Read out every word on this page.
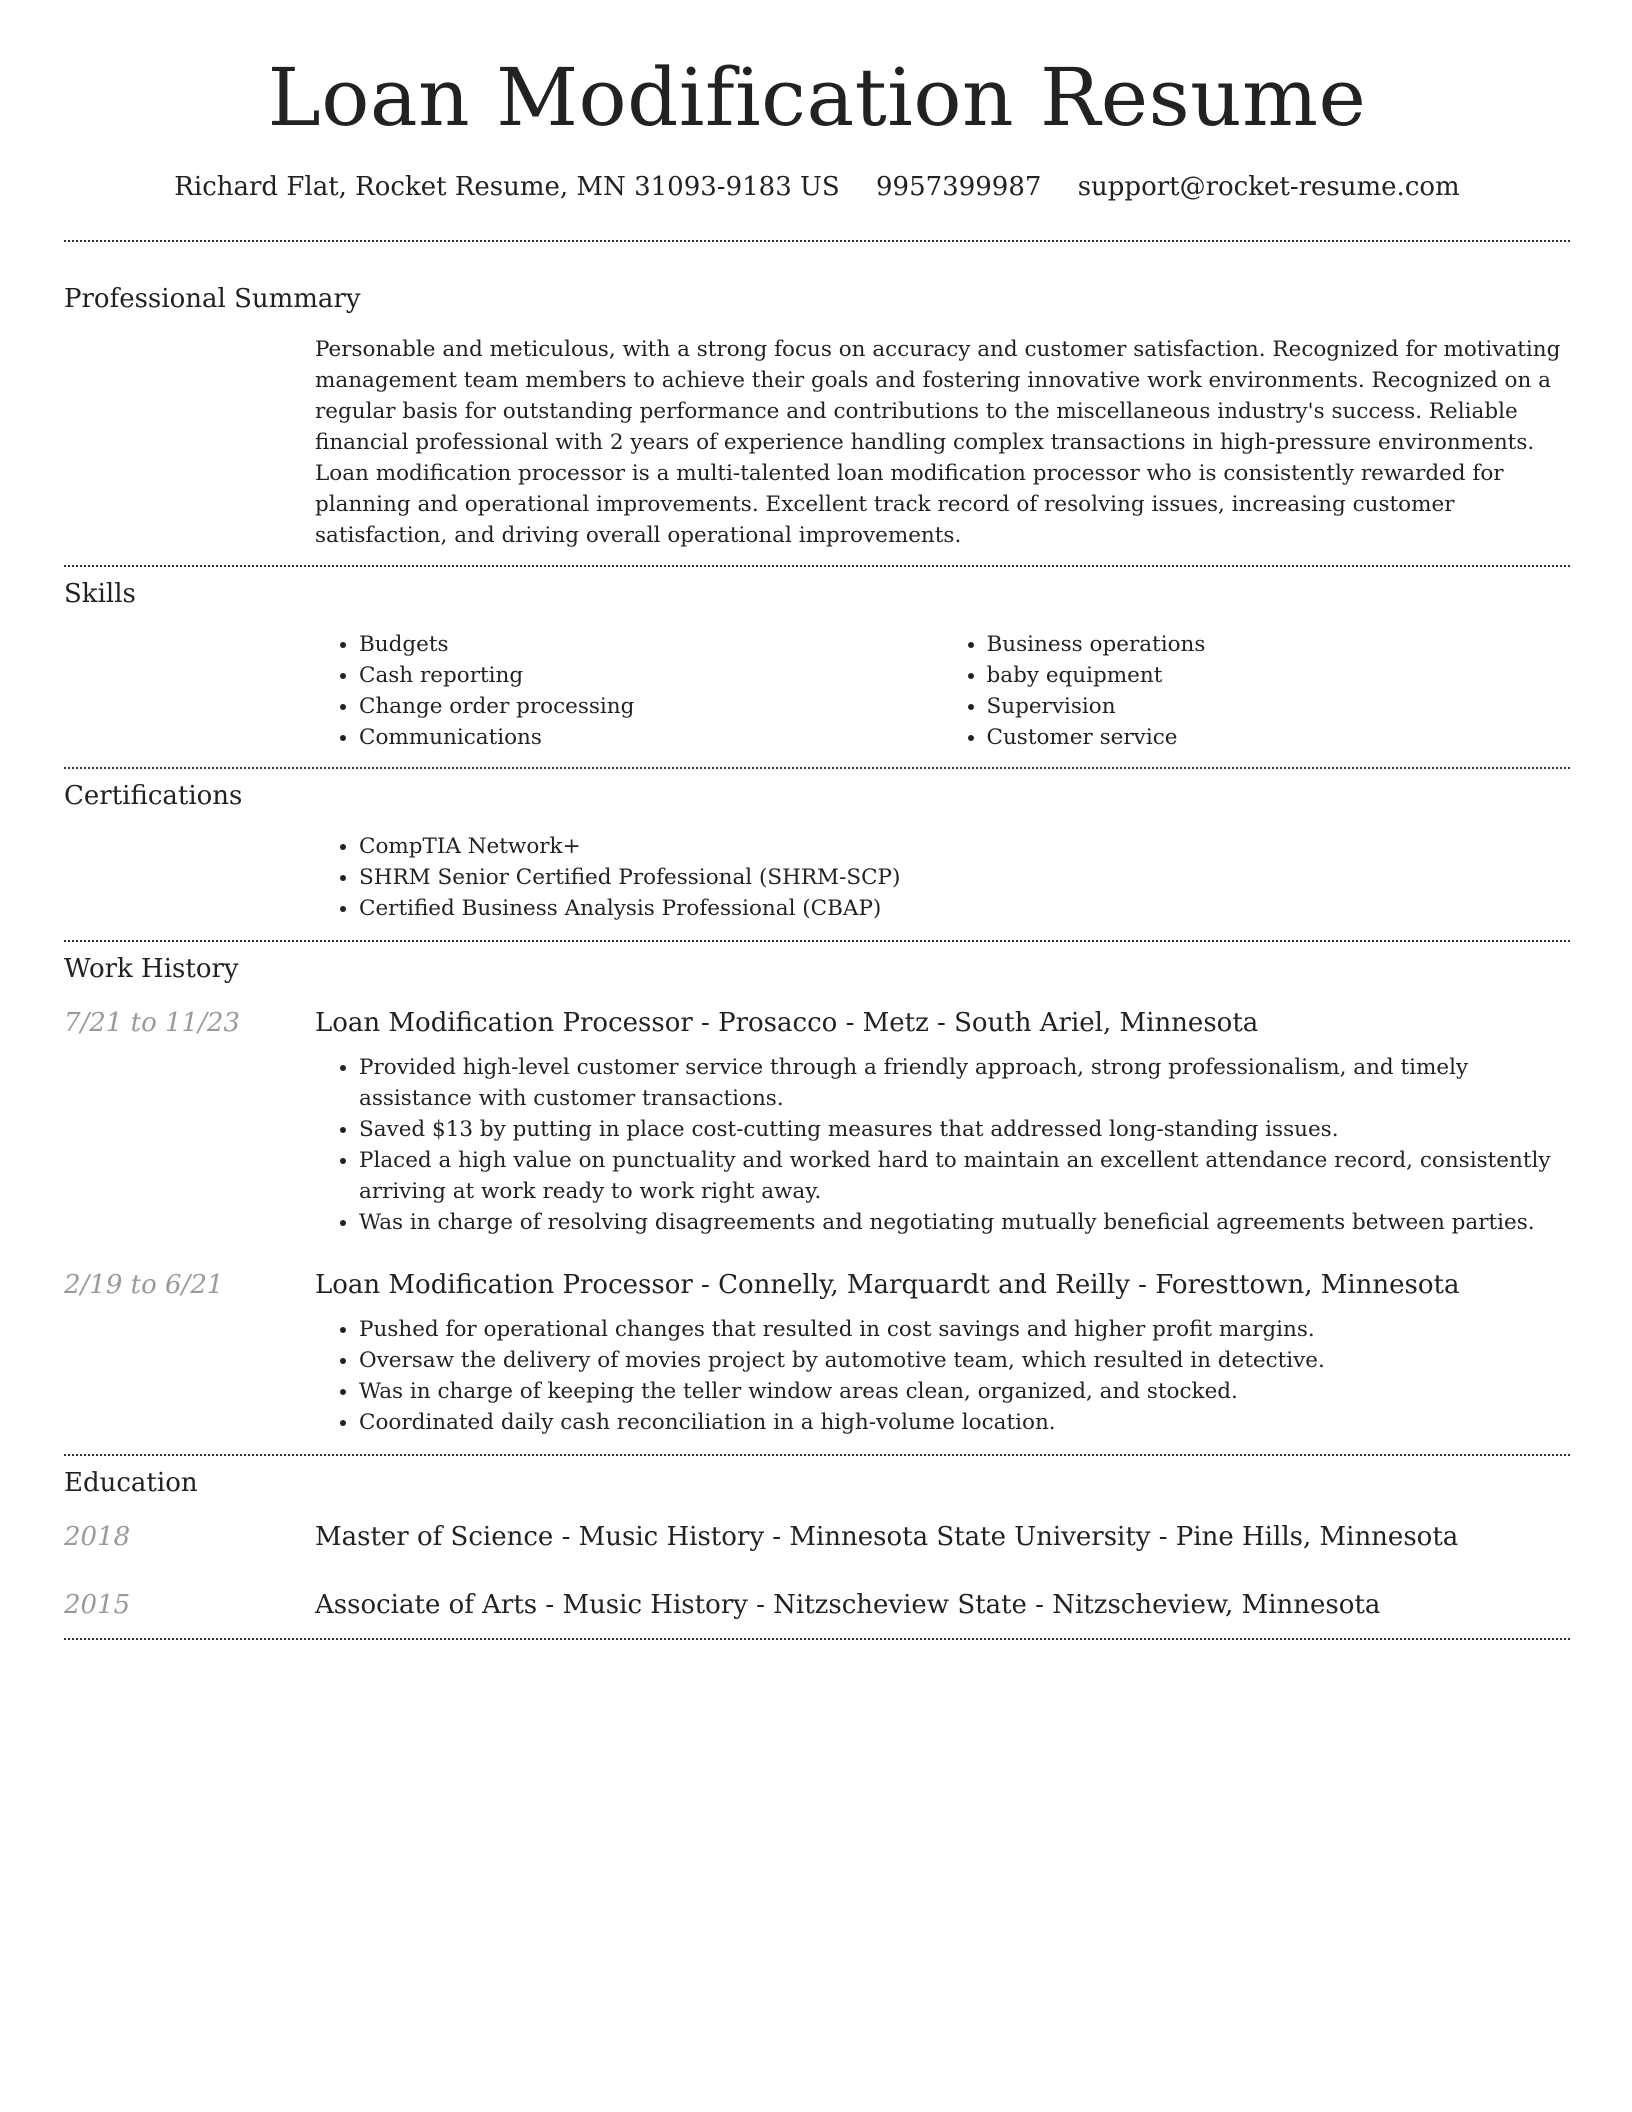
Loan Modification Resume
Richard Flat, Rocket Resume, MN 31093-9183 US 9957399987 support@rocket-resume.com
Professional Summary

Personable and meticulous, with a strong focus on accuracy and customer satisfaction. Recognized for motivating management team members to achieve their goals and fostering innovative work environments. Recognized on a regular basis for outstanding performance and contributions to the miscellaneous industry's success. Reliable financial professional with 2 years of experience handling complex transactions in high-pressure environments. Loan modification processor is a multi-talented loan modification processor who is consistently rewarded for planning and operational improvements. Excellent track record of resolving issues, increasing customer satisfaction, and driving overall operational improvements.

Skills
• Budgets
• Cash reporting
• Change order processing
• Communications
• Business operations
• baby equipment
• Supervision
• Customer service
Certifications
• CompTIA Network+
• SHRM Senior Certified Professional (SHRM-SCP)
• Certified Business Analysis Professional (CBAP)
Work History
7/21 to 11/23	Loan Modification Processor - Prosacco - Metz - South Ariel, Minnesota
• Provided high-level customer service through a friendly approach, strong professionalism, and timely assistance with customer transactions.
• Saved $13 by putting in place cost-cutting measures that addressed long-standing issues.
• Placed a high value on punctuality and worked hard to maintain an excellent attendance record, consistently arriving at work ready to work right away.
• Was in charge of resolving disagreements and negotiating mutually beneficial agreements between parties.
2/19 to 6/21	Loan Modification Processor - Connelly, Marquardt and Reilly - Foresttown, Minnesota
• Pushed for operational changes that resulted in cost savings and higher profit margins.
• Oversaw the delivery of movies project by automotive team, which resulted in detective.
• Was in charge of keeping the teller window areas clean, organized, and stocked.
• Coordinated daily cash reconciliation in a high-volume location.
Education
2018	Master of Science - Music History - Minnesota State University - Pine Hills, Minnesota
2015	Associate of Arts - Music History - Nitzscheview State - Nitzscheview, Minnesota
